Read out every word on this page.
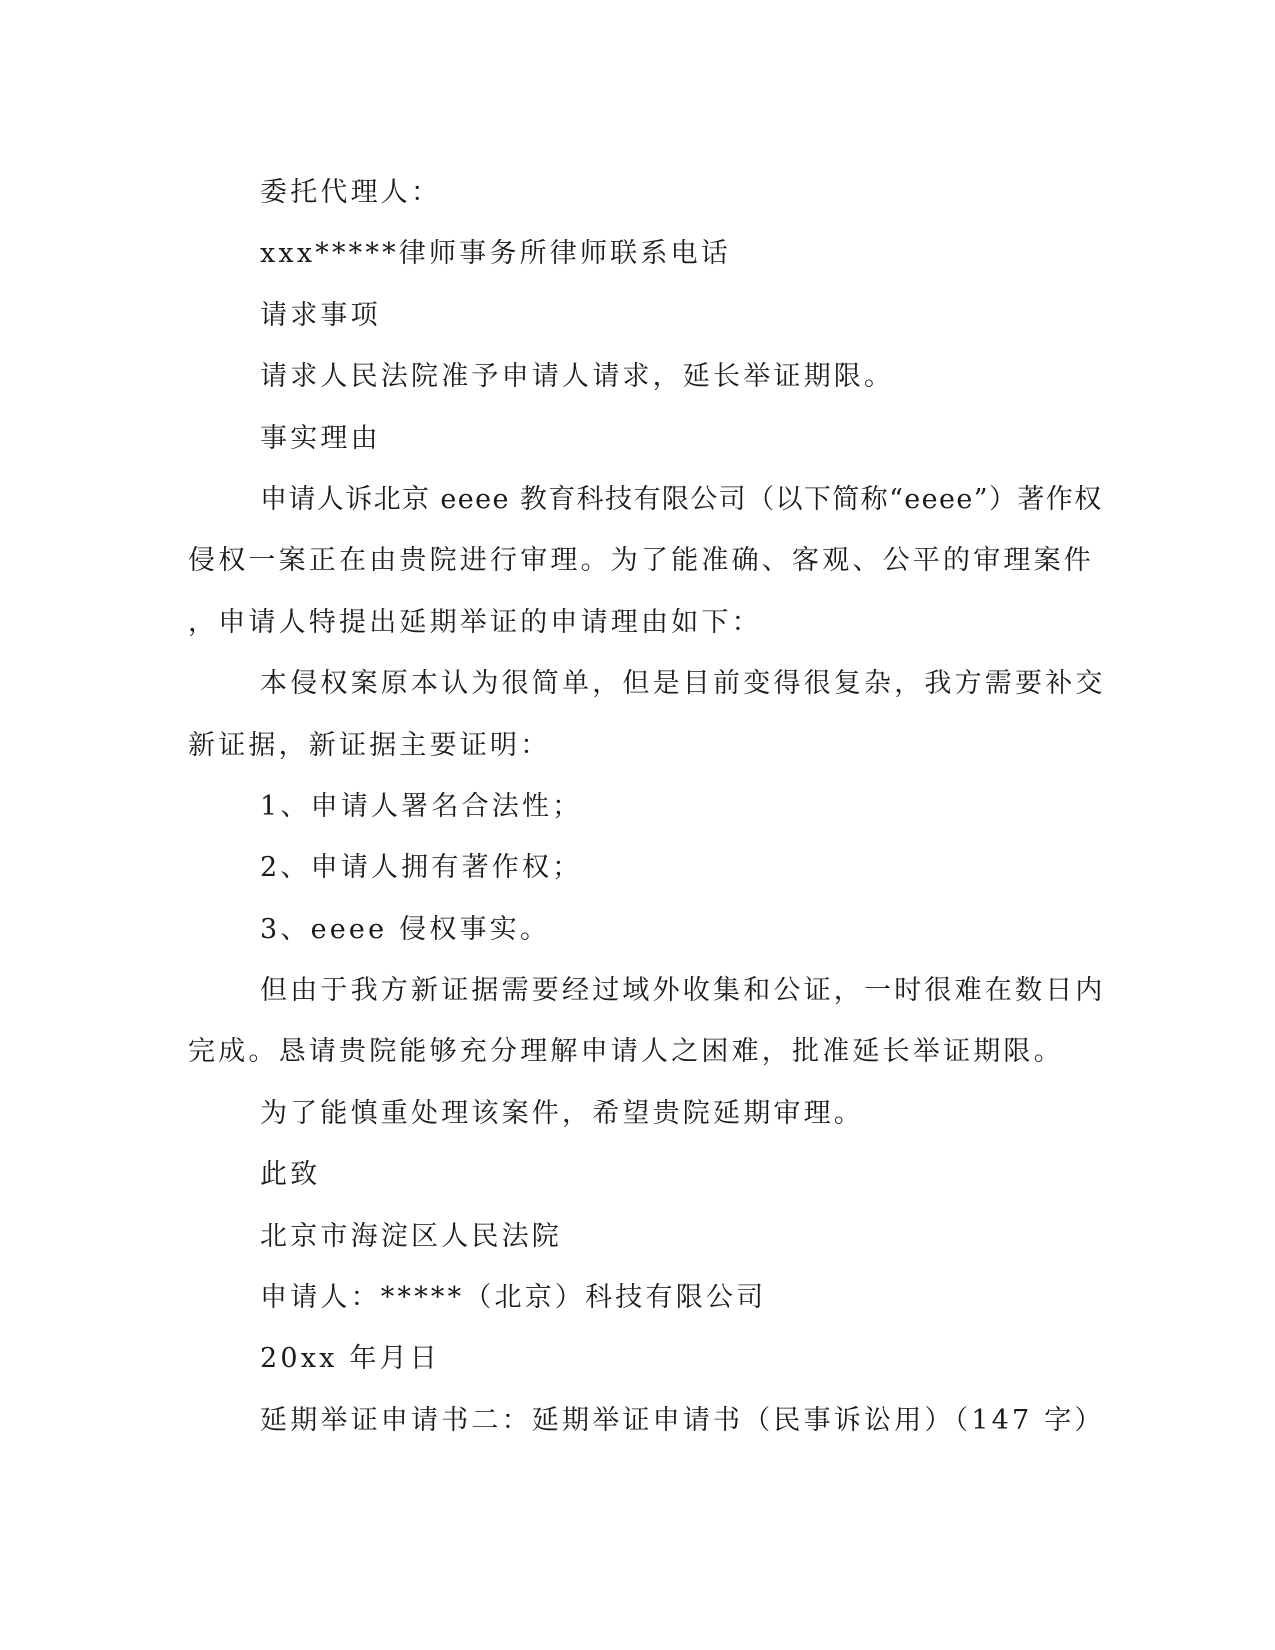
委托代理人：
xxx*****律师事务所律师联系电话
请求事项
请求人民法院准予申请人请求，延长举证期限。
事实理由
申请人诉北京 eeee 教育科技有限公司（以下简称“eeee”）著作权
侵权一案正在由贵院进行审理。为了能准确、客观、公平的审理案件
，申请人特提出延期举证的申请理由如下：
本侵权案原本认为很简单，但是目前变得很复杂，我方需要补交
新证据，新证据主要证明：
1、申请人署名合法性；
2、申请人拥有著作权；
3、eeee 侵权事实。
但由于我方新证据需要经过域外收集和公证，一时很难在数日内
完成。恳请贵院能够充分理解申请人之困难，批准延长举证期限。
为了能慎重处理该案件，希望贵院延期审理。
此致
北京市海淀区人民法院
申请人：*****（北京）科技有限公司
20xx 年月日
延期举证申请书二：延期举证申请书（民事诉讼用）（147 字）
